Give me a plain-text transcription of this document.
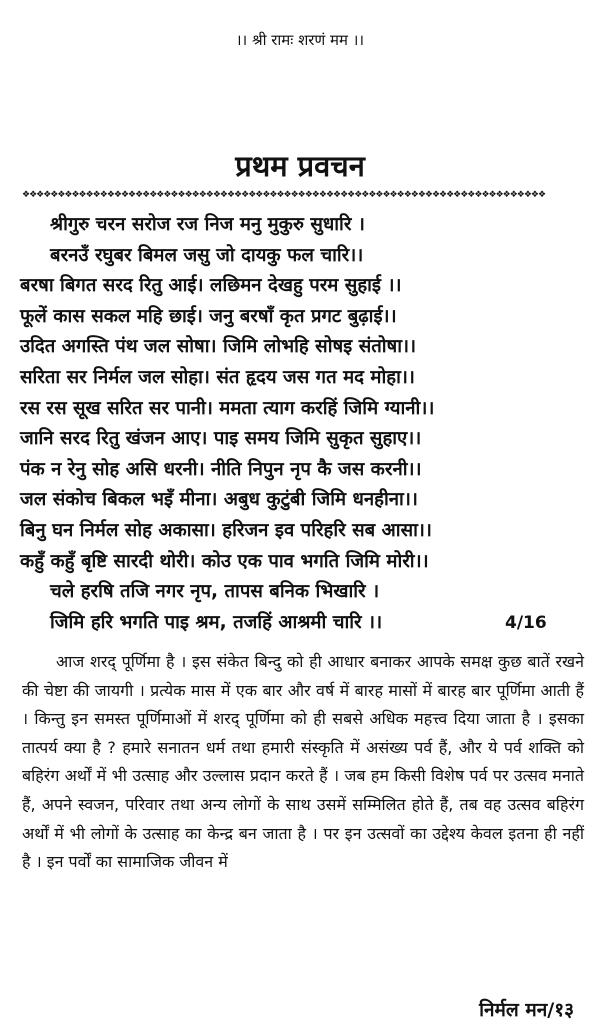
।। श्री रामः शरणं मम ।।
प्रथम प्रवचन
❖❖❖❖❖❖❖❖❖❖❖❖❖❖❖❖❖❖❖❖❖❖❖❖❖❖❖❖❖❖❖❖❖❖❖❖❖❖❖❖❖❖❖❖❖❖❖❖❖❖❖❖❖❖❖❖❖❖❖❖❖❖❖❖❖❖❖❖❖❖❖❖❖❖
श्रीगुरु चरन सरोज रज निज मनु मुकुरु सुधारि ।
बरनउँ रघुबर बिमल जसु जो दायकु फल चारि।।
बरषा बिगत सरद रितु आई। लछिमन देखहु परम सुहाई ।।
फूलें कास सकल महि छाई। जनु बरषाँ कृत प्रगट बुढ़ाई।।
उदित अगस्ति पंथ जल सोषा। जिमि लोभहि सोषइ संतोषा।।
सरिता सर निर्मल जल सोहा। संत हृदय जस गत मद मोहा।।
रस रस सूख सरित सर पानी। ममता त्याग करहिं जिमि ग्यानी।।
जानि सरद रितु खंजन आए। पाइ समय जिमि सुकृत सुहाए।।
पंक न रेनु सोह असि धरनी। नीति निपुन नृप कै जस करनी।।
जल संकोच बिकल भइँ मीना। अबुध कुटुंबी जिमि धनहीना।।
बिनु घन निर्मल सोह अकासा। हरिजन इव परिहरि सब आसा।।
कहुँ कहुँ बृष्टि सारदी थोरी। कोउ एक पाव भगति जिमि मोरी।।
चले हरषि तजि नगर नृप, तापस बनिक भिखारि ।
जिमि हरि भगति पाइ श्रम, तजहिं आश्रमी चारि ।।	4/16

आज शरद् पूर्णिमा है । इस संकेत बिन्दु को ही आधार बनाकर आपके समक्ष कुछ बातें रखने की चेष्टा की जायगी । प्रत्येक मास में एक बार और वर्ष में बारह मासों में बारह बार पूर्णिमा आती हैं । किन्तु इन समस्त पूर्णिमाओं में शरद् पूर्णिमा को ही सबसे अधिक महत्त्व दिया जाता है । इसका तात्पर्य क्या है ? हमारे सनातन धर्म तथा हमारी संस्कृति में असंख्य पर्व हैं, और ये पर्व शक्ति को बहिरंग अर्थों में भी उत्साह और उल्लास प्रदान करते हैं । जब हम किसी विशेष पर्व पर उत्सव मनाते हैं, अपने स्वजन, परिवार तथा अन्य लोगों के साथ उसमें सम्मिलित होते हैं, तब वह उत्सव बहिरंग अर्थों में भी लोगों के उत्साह का केन्द्र बन जाता है । पर इन उत्सवों का उद्देश्य केवल इतना ही नहीं है । इन पर्वों का सामाजिक जीवन में

निर्मल मन/१३
